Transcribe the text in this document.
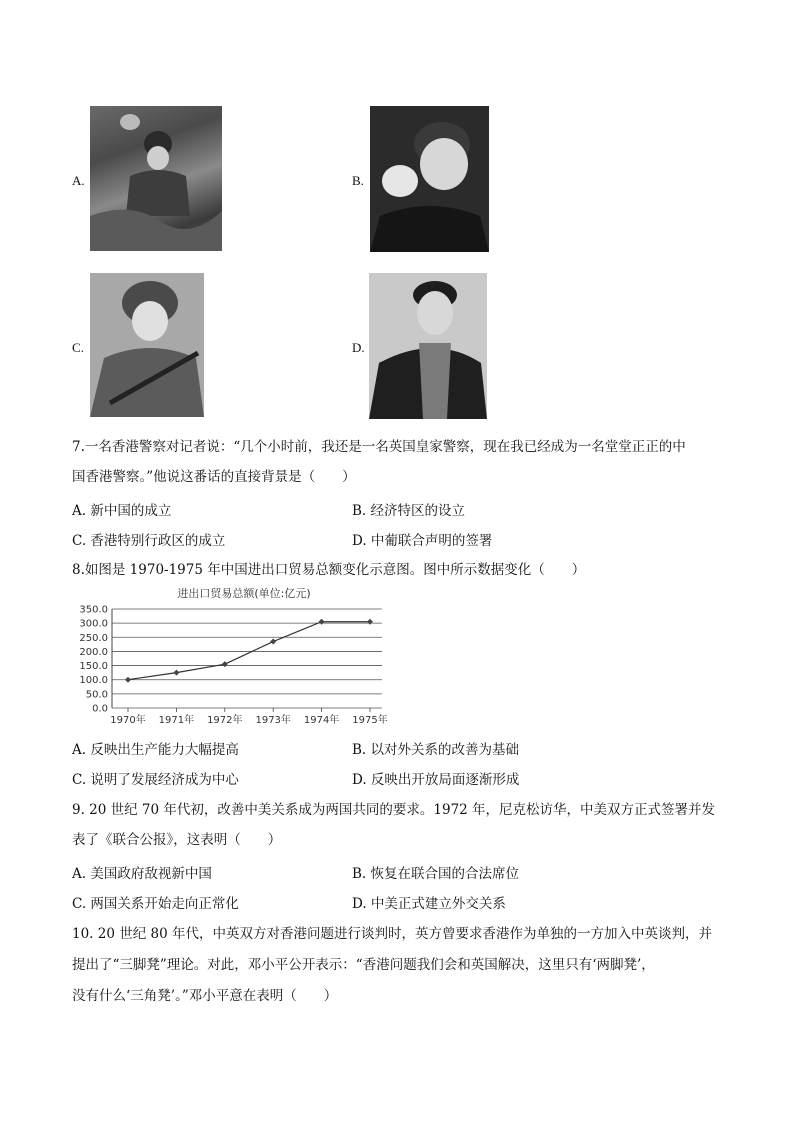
A.	B.
C.	D.
7.一名香港警察对记者说：“几个小时前，我还是一名英国皇家警察，现在我已经成为一名堂堂正正的中
国香港警察。”他说这番话的直接背景是（　　）
A. 新中国的成立	B. 经济特区的设立
C. 香港特别行政区的成立	D. 中葡联合声明的签署
8.如图是 1970-1975 年中国进出口贸易总额变化示意图。图中所示数据变化（　　）
进出口贸易总额(单位:亿元)
0.0
50.0
100.0
150.0
200.0
250.0
300.0
350.0
1970年 1971年 1972年 1973年 1974年 1975年
A. 反映出生产能力大幅提高	B. 以对外关系的改善为基础
C. 说明了发展经济成为中心	D. 反映出开放局面逐渐形成
9. 20 世纪 70 年代初，改善中美关系成为两国共同的要求。1972 年，尼克松访华，中美双方正式签署并发
表了《联合公报》，这表明（　　）
A. 美国政府敌视新中国	B. 恢复在联合国的合法席位
C. 两国关系开始走向正常化	D. 中美正式建立外交关系
10. 20 世纪 80 年代，中英双方对香港问题进行谈判时，英方曾要求香港作为单独的一方加入中英谈判，并
提出了“三脚凳”理论。对此，邓小平公开表示：“香港问题我们会和英国解决，这里只有‘两脚凳’，
没有什么‘三角凳’。”邓小平意在表明（　　）
